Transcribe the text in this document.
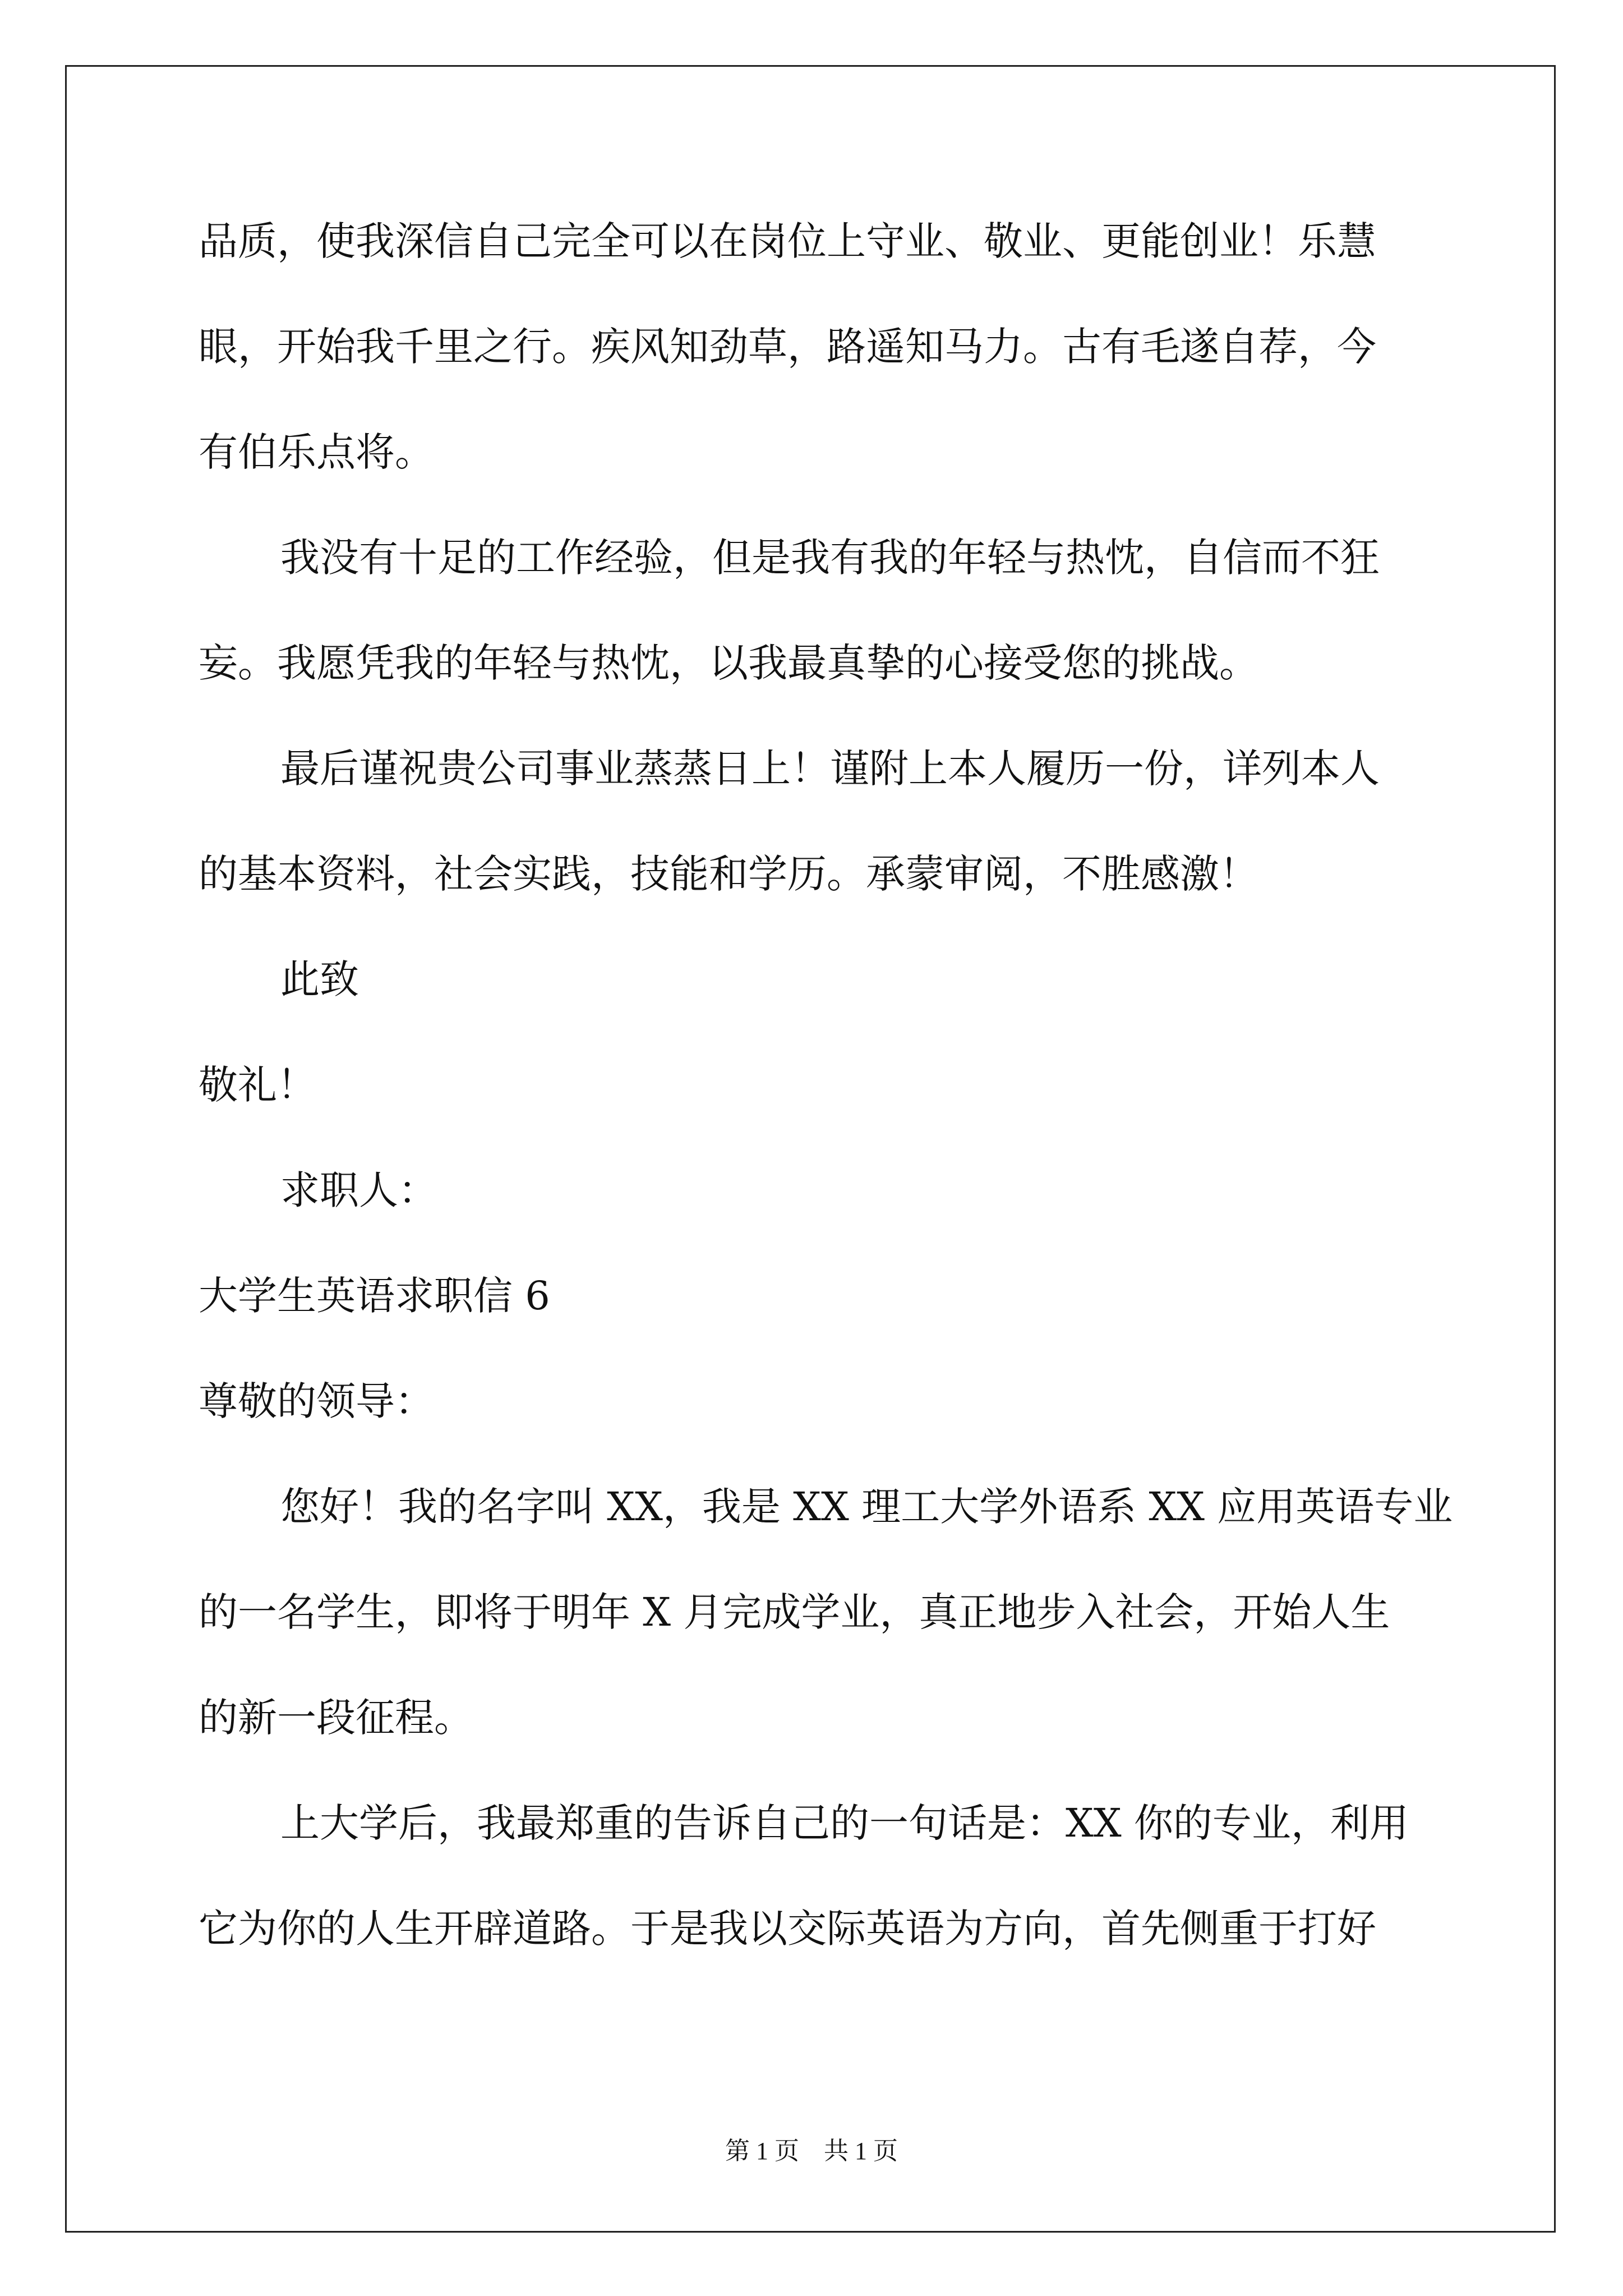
品质，使我深信自己完全可以在岗位上守业、敬业、更能创业！乐慧
眼，开始我千里之行。疾风知劲草，路遥知马力。古有毛遂自荐，今
有伯乐点将。
我没有十足的工作经验，但是我有我的年轻与热忱，自信而不狂
妄。我愿凭我的年轻与热忱，以我最真挚的心接受您的挑战。
最后谨祝贵公司事业蒸蒸日上！谨附上本人履历一份，详列本人
的基本资料，社会实践，技能和学历。承蒙审阅，不胜感激！
此致
敬礼！
求职人：
大学生英语求职信 6
尊敬的领导：
您好！我的名字叫 XX，我是 XX 理工大学外语系 XX 应用英语专业
的一名学生，即将于明年 X 月完成学业，真正地步入社会，开始人生
的新一段征程。
上大学后，我最郑重的告诉自己的一句话是：XX 你的专业，利用
它为你的人生开辟道路。于是我以交际英语为方向，首先侧重于打好
第 1 页    共 1 页
